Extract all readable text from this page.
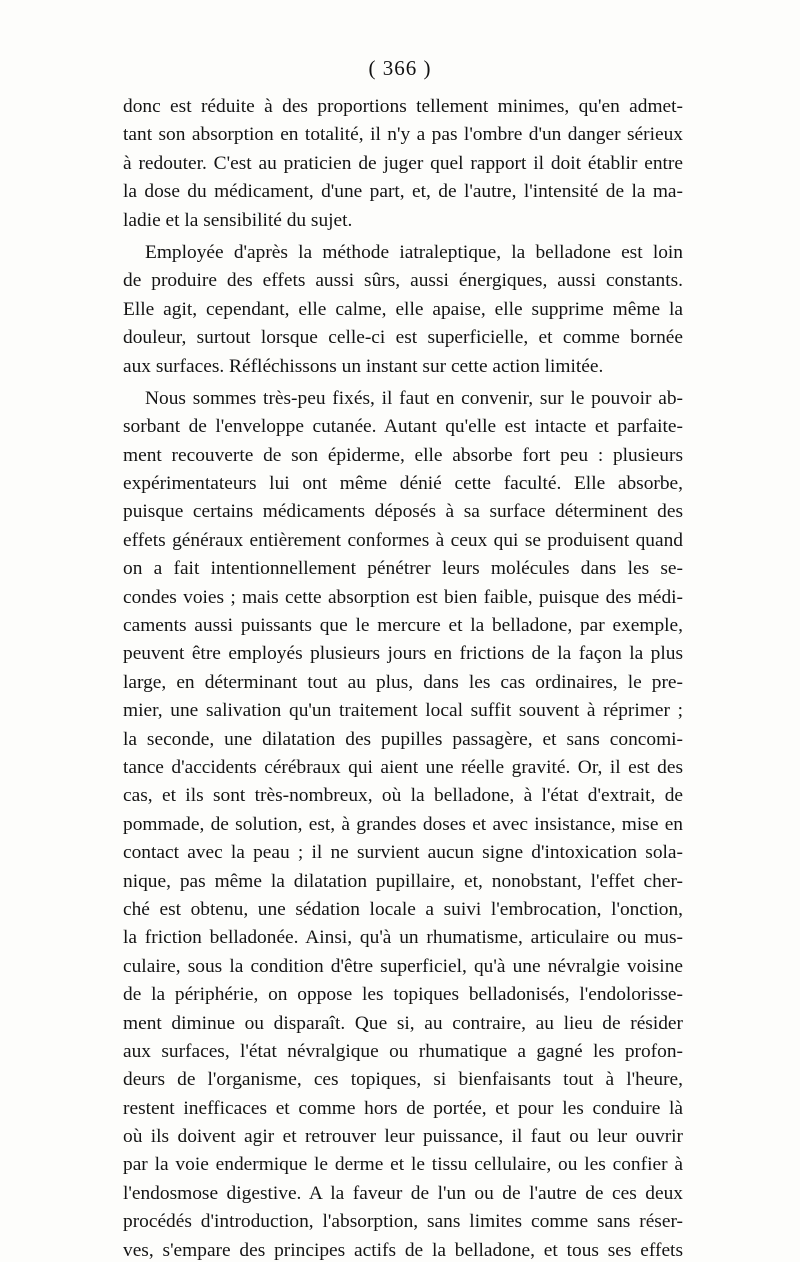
( 366 )
donc est réduite à des proportions tellement minimes, qu'en admet-
tant son absorption en totalité, il n'y a pas l'ombre d'un danger sérieux
à redouter. C'est au praticien de juger quel rapport il doit établir entre
la dose du médicament, d'une part, et, de l'autre, l'intensité de la ma-
ladie et la sensibilité du sujet.
Employée d'après la méthode iatraleptique, la belladone est loin
de produire des effets aussi sûrs, aussi énergiques, aussi constants.
Elle agit, cependant, elle calme, elle apaise, elle supprime même la
douleur, surtout lorsque celle-ci est superficielle, et comme bornée
aux surfaces. Réfléchissons un instant sur cette action limitée.
Nous sommes très-peu fixés, il faut en convenir, sur le pouvoir ab-
sorbant de l'enveloppe cutanée. Autant qu'elle est intacte et parfaite-
ment recouverte de son épiderme, elle absorbe fort peu : plusieurs
expérimentateurs lui ont même dénié cette faculté. Elle absorbe,
puisque certains médicaments déposés à sa surface déterminent des
effets généraux entièrement conformes à ceux qui se produisent quand
on a fait intentionnellement pénétrer leurs molécules dans les se-
condes voies ; mais cette absorption est bien faible, puisque des médi-
caments aussi puissants que le mercure et la belladone, par exemple,
peuvent être employés plusieurs jours en frictions de la façon la plus
large, en déterminant tout au plus, dans les cas ordinaires, le pre-
mier, une salivation qu'un traitement local suffit souvent à réprimer ;
la seconde, une dilatation des pupilles passagère, et sans concomi-
tance d'accidents cérébraux qui aient une réelle gravité. Or, il est des
cas, et ils sont très-nombreux, où la belladone, à l'état d'extrait, de
pommade, de solution, est, à grandes doses et avec insistance, mise en
contact avec la peau ; il ne survient aucun signe d'intoxication sola-
nique, pas même la dilatation pupillaire, et, nonobstant, l'effet cher-
ché est obtenu, une sédation locale a suivi l'embrocation, l'onction,
la friction belladonée. Ainsi, qu'à un rhumatisme, articulaire ou mus-
culaire, sous la condition d'être superficiel, qu'à une névralgie voisine
de la périphérie, on oppose les topiques belladonisés, l'endolorisse-
ment diminue ou disparaît. Que si, au contraire, au lieu de résider
aux surfaces, l'état névralgique ou rhumatique a gagné les profon-
deurs de l'organisme, ces topiques, si bienfaisants tout à l'heure,
restent inefficaces et comme hors de portée, et pour les conduire là
où ils doivent agir et retrouver leur puissance, il faut ou leur ouvrir
par la voie endermique le derme et le tissu cellulaire, ou les confier à
l'endosmose digestive. A la faveur de l'un ou de l'autre de ces deux
procédés d'introduction, l'absorption, sans limites comme sans réser-
ves, s'empare des principes actifs de la belladone, et tous ses effets
